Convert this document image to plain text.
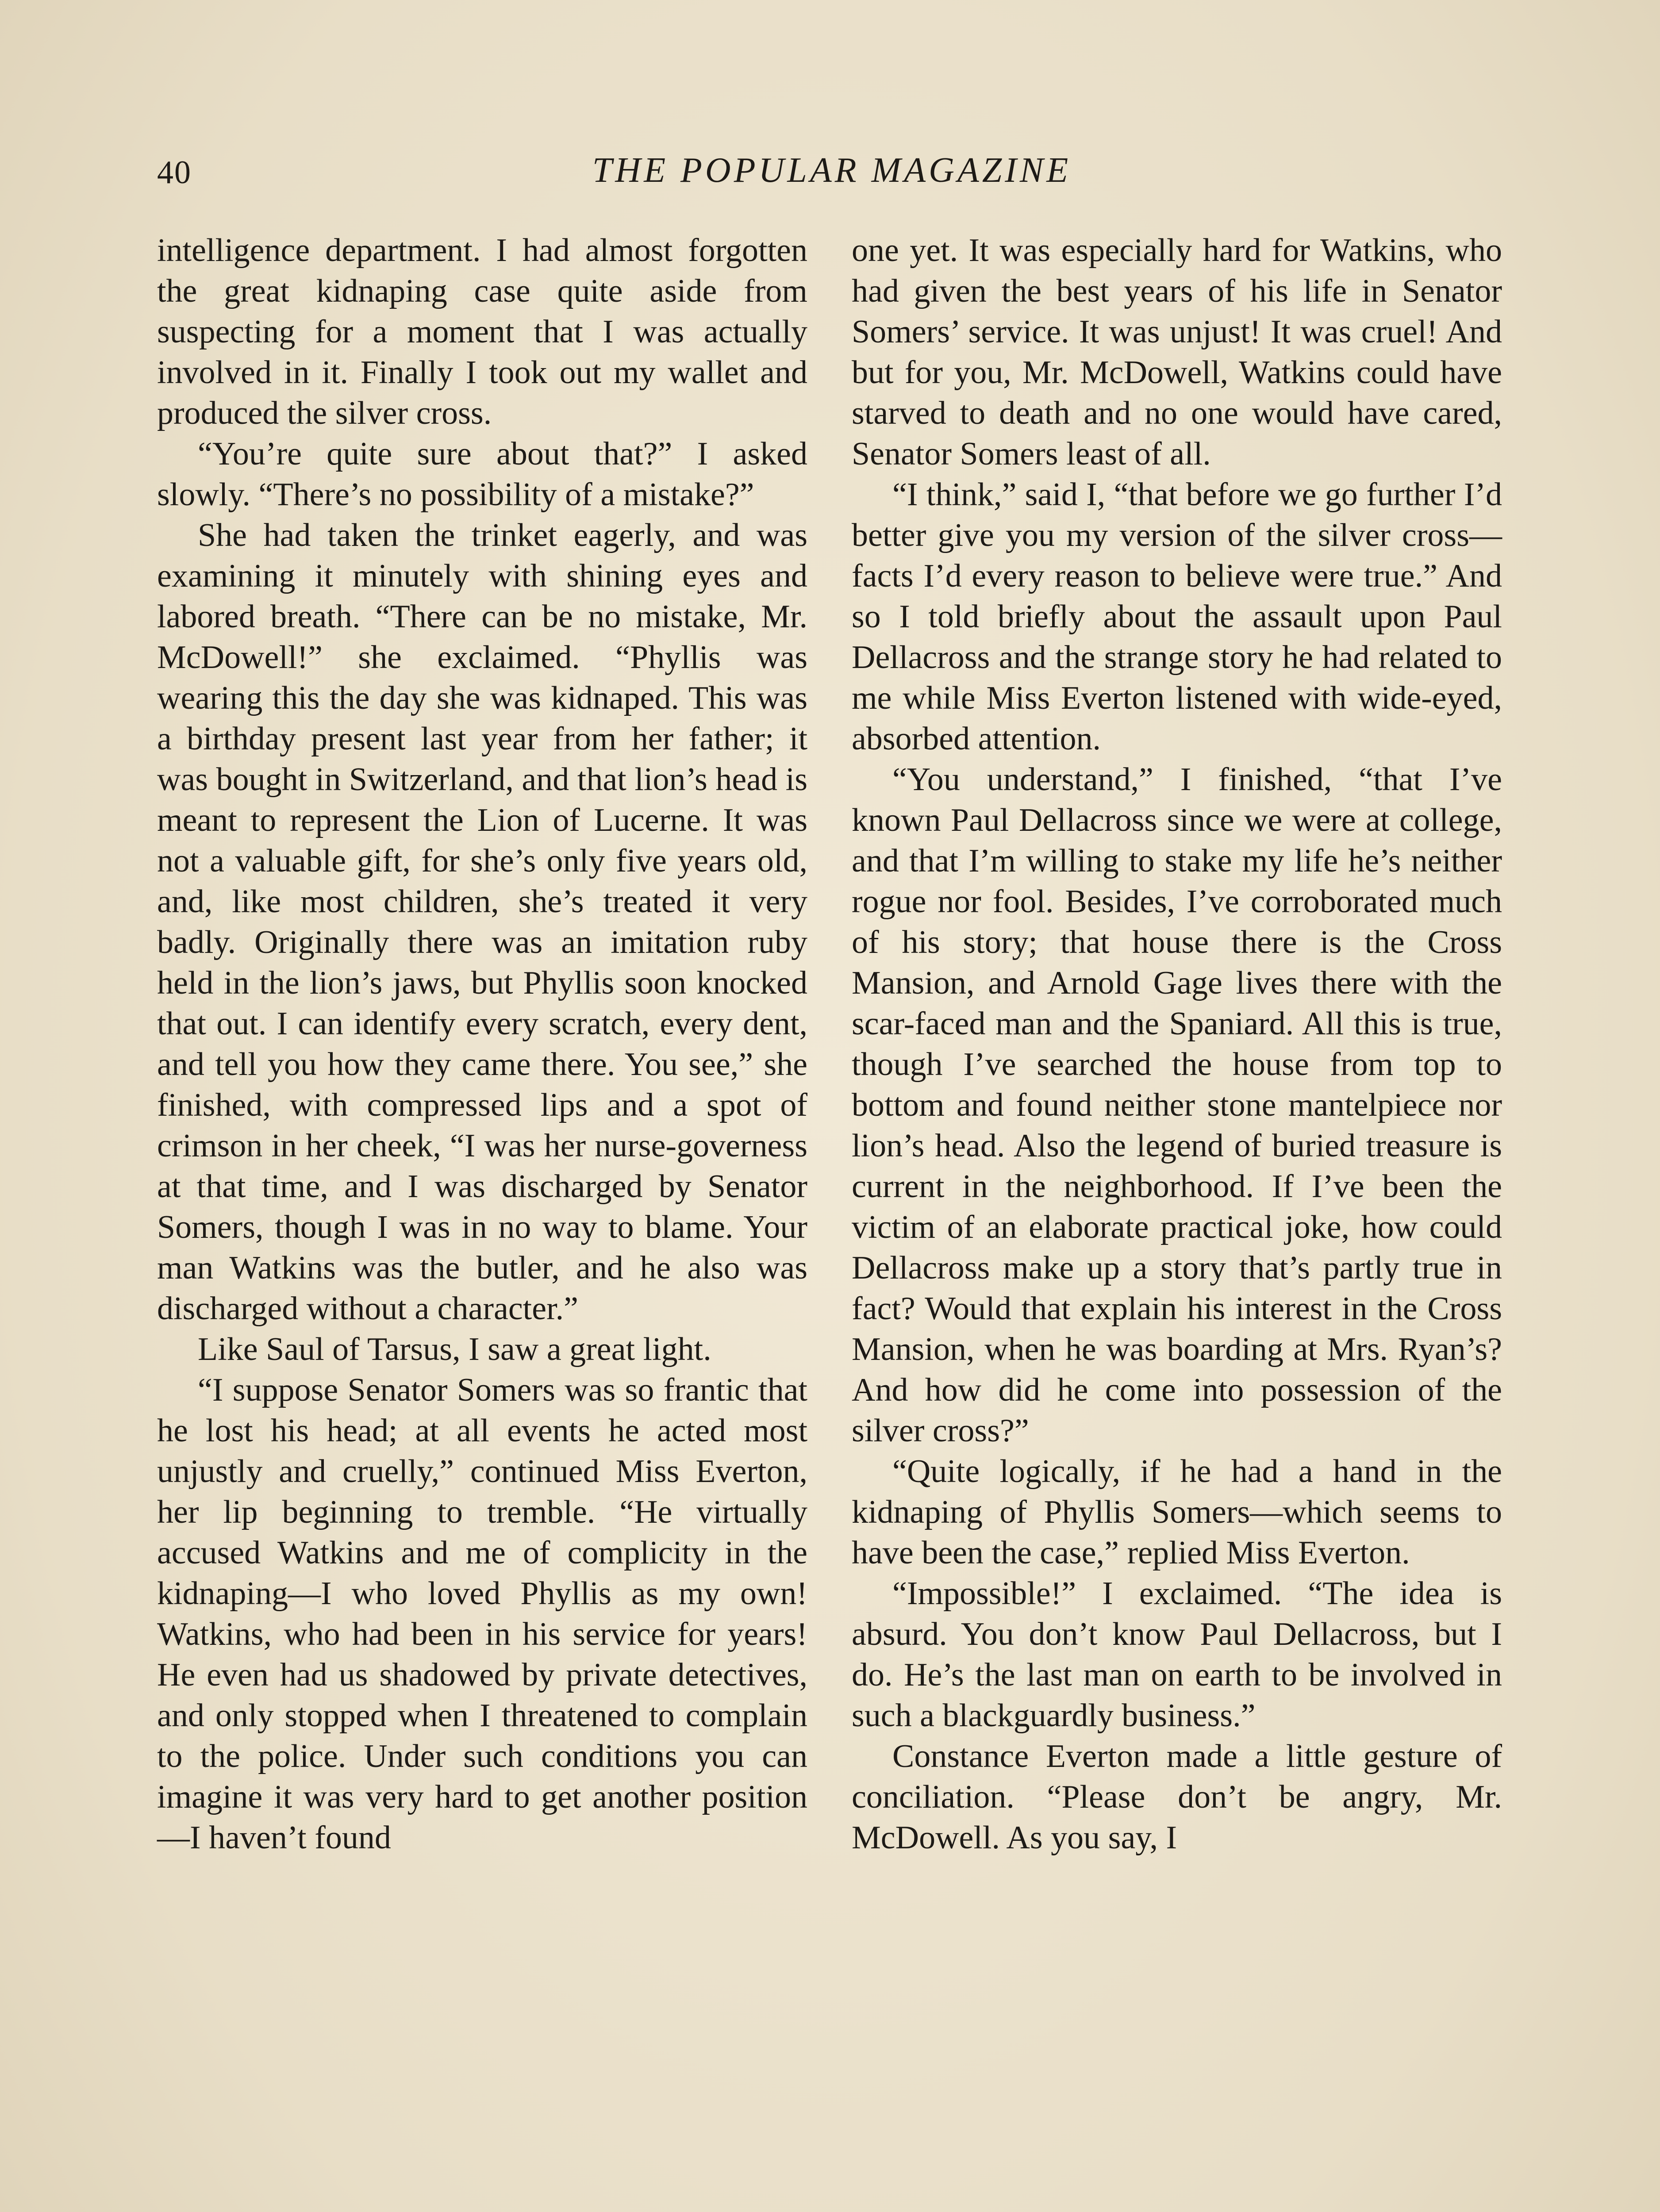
40	THE POPULAR MAGAZINE

intelligence department. I had almost forgotten the great kidnaping case quite aside from suspecting for a moment that I was actually involved in it. Finally I took out my wallet and produced the silver cross.

“You’re quite sure about that?” I asked slowly. “There’s no possibility of a mistake?”

She had taken the trinket eagerly, and was examining it minutely with shining eyes and labored breath. “There can be no mistake, Mr. McDowell!” she exclaimed. “Phyllis was wearing this the day she was kidnaped. This was a birthday present last year from her father; it was bought in Switzerland, and that lion’s head is meant to represent the Lion of Lucerne. It was not a valuable gift, for she’s only five years old, and, like most children, she’s treated it very badly. Originally there was an imitation ruby held in the lion’s jaws, but Phyllis soon knocked that out. I can identify every scratch, every dent, and tell you how they came there. You see,” she finished, with compressed lips and a spot of crimson in her cheek, “I was her nurse-governess at that time, and I was discharged by Senator Somers, though I was in no way to blame. Your man Watkins was the butler, and he also was discharged without a character.”

Like Saul of Tarsus, I saw a great light.

“I suppose Senator Somers was so frantic that he lost his head; at all events he acted most unjustly and cruelly,” continued Miss Everton, her lip beginning to tremble. “He virtually accused Watkins and me of complicity in the kidnaping—I who loved Phyllis as my own! Watkins, who had been in his service for years! He even had us shadowed by private detectives, and only stopped when I threatened to complain to the police. Under such conditions you can imagine it was very hard to get another position—I haven’t found

one yet. It was especially hard for Watkins, who had given the best years of his life in Senator Somers’ service. It was unjust! It was cruel! And but for you, Mr. McDowell, Watkins could have starved to death and no one would have cared, Senator Somers least of all.

“I think,” said I, “that before we go further I’d better give you my version of the silver cross—facts I’d every reason to believe were true.” And so I told briefly about the assault upon Paul Dellacross and the strange story he had related to me while Miss Everton listened with wide-eyed, absorbed attention.

“You understand,” I finished, “that I’ve known Paul Dellacross since we were at college, and that I’m willing to stake my life he’s neither rogue nor fool. Besides, I’ve corroborated much of his story; that house there is the Cross Mansion, and Arnold Gage lives there with the scar-faced man and the Spaniard. All this is true, though I’ve searched the house from top to bottom and found neither stone mantelpiece nor lion’s head. Also the legend of buried treasure is current in the neighborhood. If I’ve been the victim of an elaborate practical joke, how could Dellacross make up a story that’s partly true in fact? Would that explain his interest in the Cross Mansion, when he was boarding at Mrs. Ryan’s? And how did he come into possession of the silver cross?”

“Quite logically, if he had a hand in the kidnaping of Phyllis Somers—which seems to have been the case,” replied Miss Everton.

“Impossible!” I exclaimed. “The idea is absurd. You don’t know Paul Dellacross, but I do. He’s the last man on earth to be involved in such a blackguardly business.”

Constance Everton made a little gesture of conciliation. “Please don’t be angry, Mr. McDowell. As you say, I
